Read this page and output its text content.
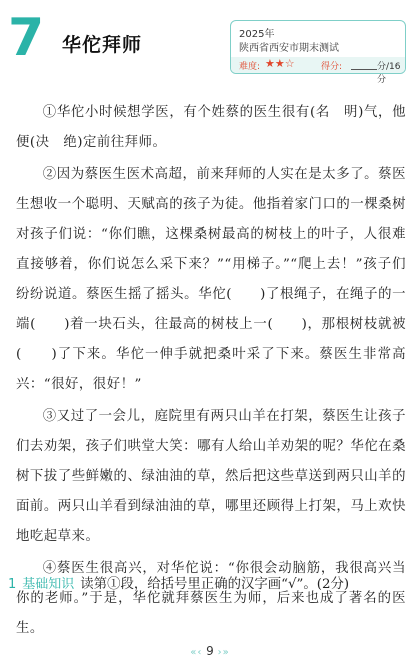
7 华佗拜师	2025年
陕西省西安市期末测试
难度: ★★☆	得分:	分/16分

①华佗小时候想学医，有个姓蔡的医生很有(名　明)气，他便(决　绝)定前往拜师。

②因为蔡医生医术高超，前来拜师的人实在是太多了。蔡医生想收一个聪明、天赋高的孩子为徒。他指着家门口的一棵桑树对孩子们说：“你们瞧，这棵桑树最高的树枝上的叶子，人很难直接够着，你们说怎么采下来？”“用梯子。”“爬上去！”孩子们纷纷说道。蔡医生摇了摇头。华佗(　　)了根绳子，在绳子的一端(　　)着一块石头，往最高的树枝上一(　　)，那根树枝就被(　　)了下来。华佗一伸手就把桑叶采了下来。蔡医生非常高兴：“很好，很好！”

③又过了一会儿，庭院里有两只山羊在打架，蔡医生让孩子们去劝架，孩子们哄堂大笑：哪有人给山羊劝架的呢？华佗在桑树下拔了些鲜嫩的、绿油油的草，然后把这些草送到两只山羊的面前。两只山羊看到绿油油的草，哪里还顾得上打架，马上欢快地吃起草来。

④蔡医生很高兴，对华佗说：“你很会动脑筋，我很高兴当你的老师。”于是，华佗就拜蔡医生为师，后来也成了著名的医生。

1 基础知识 读第①段，给括号里正确的汉字画“√”。(2分)
«‹ 9 ›»
